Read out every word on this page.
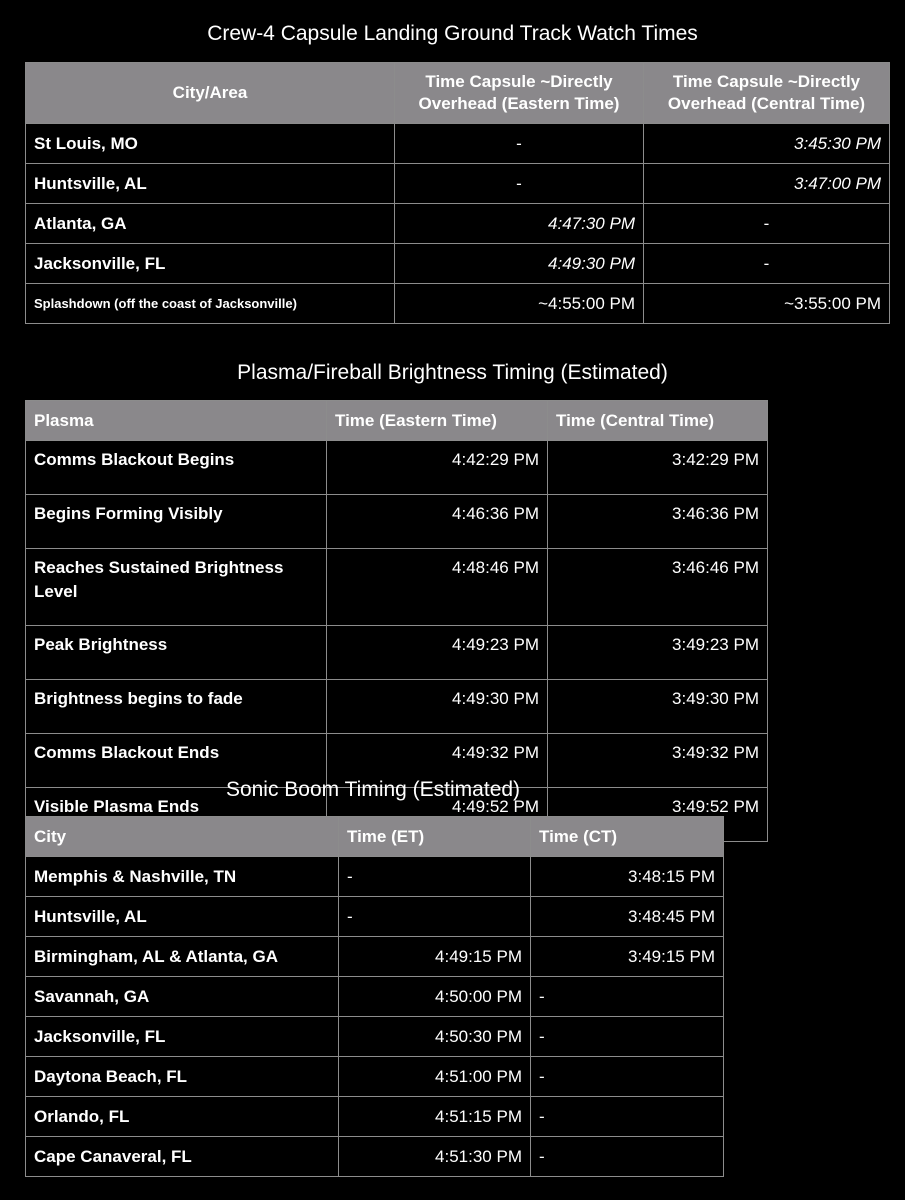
Crew-4 Capsule Landing Ground Track Watch Times
City/Area	Time Capsule ~Directly Overhead (Eastern Time)	Time Capsule ~Directly Overhead (Central Time)
St Louis, MO	-	3:45:30 PM
Huntsville, AL	-	3:47:00 PM
Atlanta, GA	4:47:30 PM	-
Jacksonville, FL	4:49:30 PM	-
Splashdown (off the coast of Jacksonville)	~4:55:00 PM	~3:55:00 PM
Plasma/Fireball Brightness Timing (Estimated)
Plasma	Time (Eastern Time)	Time (Central Time)
Comms Blackout Begins	4:42:29 PM	3:42:29 PM
Begins Forming Visibly	4:46:36 PM	3:46:36 PM
Reaches Sustained Brightness Level	4:48:46 PM	3:46:46 PM
Peak Brightness	4:49:23 PM	3:49:23 PM
Brightness begins to fade	4:49:30 PM	3:49:30 PM
Comms Blackout Ends	4:49:32 PM	3:49:32 PM
Visible Plasma Ends	4:49:52 PM	3:49:52 PM
Sonic Boom Timing (Estimated)
City	Time (ET)	Time (CT)
Memphis & Nashville, TN	-	3:48:15 PM
Huntsville, AL	-	3:48:45 PM
Birmingham, AL & Atlanta, GA	4:49:15 PM	3:49:15 PM
Savannah, GA	4:50:00 PM	-
Jacksonville, FL	4:50:30 PM	-
Daytona Beach, FL	4:51:00 PM	-
Orlando, FL	4:51:15 PM	-
Cape Canaveral, FL	4:51:30 PM	-
